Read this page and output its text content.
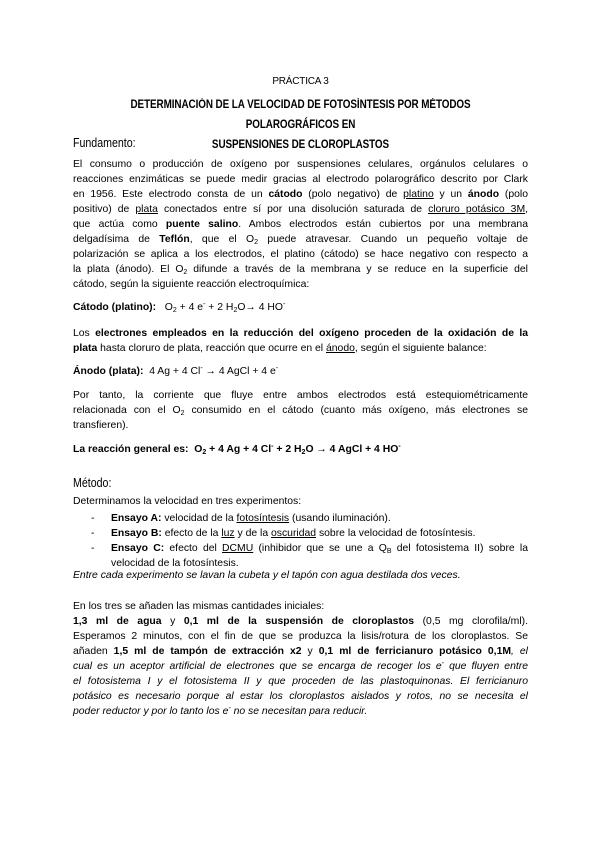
PRÁCTICA 3
DETERMINACIÓN DE LA VELOCIDAD DE FOTOSÍNTESIS POR MÉTODOS POLAROGRÁFICOS EN
SUSPENSIONES DE CLOROPLASTOS
Fundamento:
El consumo o producción de oxígeno por suspensiones celulares, orgánulos celulares o
reacciones enzimáticas se puede medir gracias al electrodo polarográfico descrito por Clark
en 1956. Este electrodo consta de un cátodo (polo negativo) de platino y un ánodo (polo
positivo) de plata conectados entre sí por una disolución saturada de cloruro potásico 3M,
que actúa como puente salino. Ambos electrodos están cubiertos por una membrana
delgadísima de Teflón, que el $O_2$ puede atravesar. Cuando un pequeño voltaje de
polarización se aplica a los electrodos, el platino (cátodo) se hace negativo con respecto a
la plata (ánodo). El $O_2$ difunde a través de la membrana y se reduce en la superficie del
cátodo, según la siguiente reacción electroquímica:
Cátodo (platino): $O_2 + 4$ e- + 2 $H_2O\to 4$ HO-
Los electrones empleados en la reducción del oxígeno proceden de la oxidación de la
plata hasta cloruro de plata, reacción que ocurre en el ánodo, según el siguiente balance:
Ánodo (plata):  4 Ag + 4 Cl- → 4 AgCl + 4 e-
Por tanto, la corriente que fluye entre ambos electrodos está estequiométricamente
relacionada con el $O_2$ consumido en el cátodo (cuanto más oxígeno, más electrones se
transfieren).
La reacción general es:  $O_2 + 4$ Ag + 4 Cl- + 2 $H_2O \to 4$ AgCl + 4 HO-
Método:
Determinamos la velocidad en tres experimentos:
- Ensayo A: velocidad de la fotosíntesis (usando iluminación).
- Ensayo B: efecto de la luz y de la oscuridad sobre la velocidad de fotosíntesis.
- Ensayo C: efecto del DCMU (inhibidor que se une a $Q_B$ del fotosistema II) sobre la
velocidad de la fotosíntesis.
Entre cada experimento se lavan la cubeta y el tapón con agua destilada dos veces.
En los tres se añaden las mismas cantidades iniciales:
1,3 ml de agua y 0,1 ml de la suspensión de cloroplastos (0,5 mg clorofila/ml).
Esperamos 2 minutos, con el fin de que se produzca la lisis/rotura de los cloroplastos. Se
añaden 1,5 ml de tampón de extracción x2 y 0,1 ml de ferricianuro potásico 0,1M, el
cual es un aceptor artificial de electrones que se encarga de recoger los e- que fluyen entre
el fotosistema I y el fotosistema II y que proceden de las plastoquinonas. El ferricianuro
potásico es necesario porque al estar los cloroplastos aislados y rotos, no se necesita el
poder reductor y por lo tanto los e- no se necesitan para reducir.
